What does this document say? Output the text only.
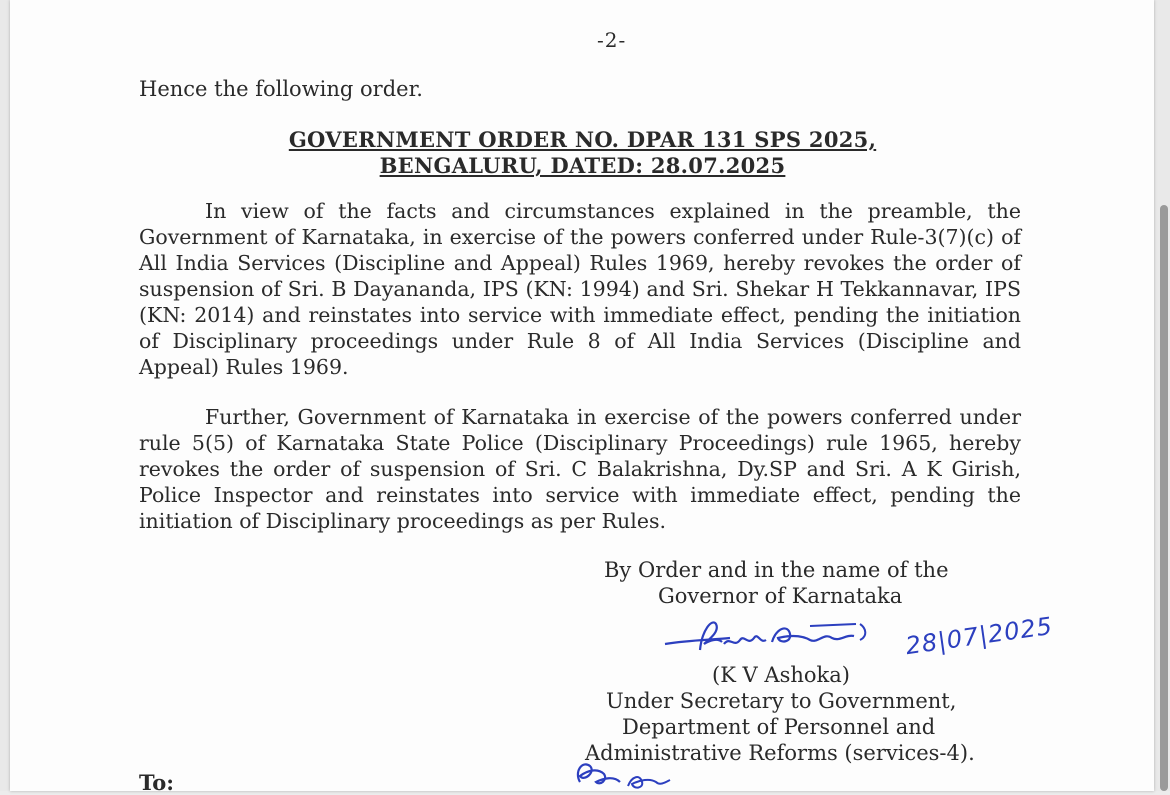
-2-
Hence the following order.
GOVERNMENT ORDER NO. DPAR 131 SPS 2025,
BENGALURU, DATED: 28.07.2025

In view of the facts and circumstances explained in the preamble, the Government of Karnataka, in exercise of the powers conferred under Rule-3(7)(c) of All India Services (Discipline and Appeal) Rules 1969, hereby revokes the order of suspension of Sri. B Dayananda, IPS (KN: 1994) and Sri. Shekar H Tekkannavar, IPS (KN: 2014) and reinstates into service with immediate effect, pending the initiation of Disciplinary proceedings under Rule 8 of All India Services (Discipline and Appeal) Rules 1969.

Further, Government of Karnataka in exercise of the powers conferred under rule 5(5) of Karnataka State Police (Disciplinary Proceedings) rule 1965, hereby revokes the order of suspension of Sri. C Balakrishna, Dy.SP and Sri. A K Girish, Police Inspector and reinstates into service with immediate effect, pending the initiation of Disciplinary proceedings as per Rules.

By Order and in the name of the
Governor of Karnataka
28|07|2025
(K V Ashoka)
Under Secretary to Government,
Department of Personnel and
Administrative Reforms (services-4).
To:
